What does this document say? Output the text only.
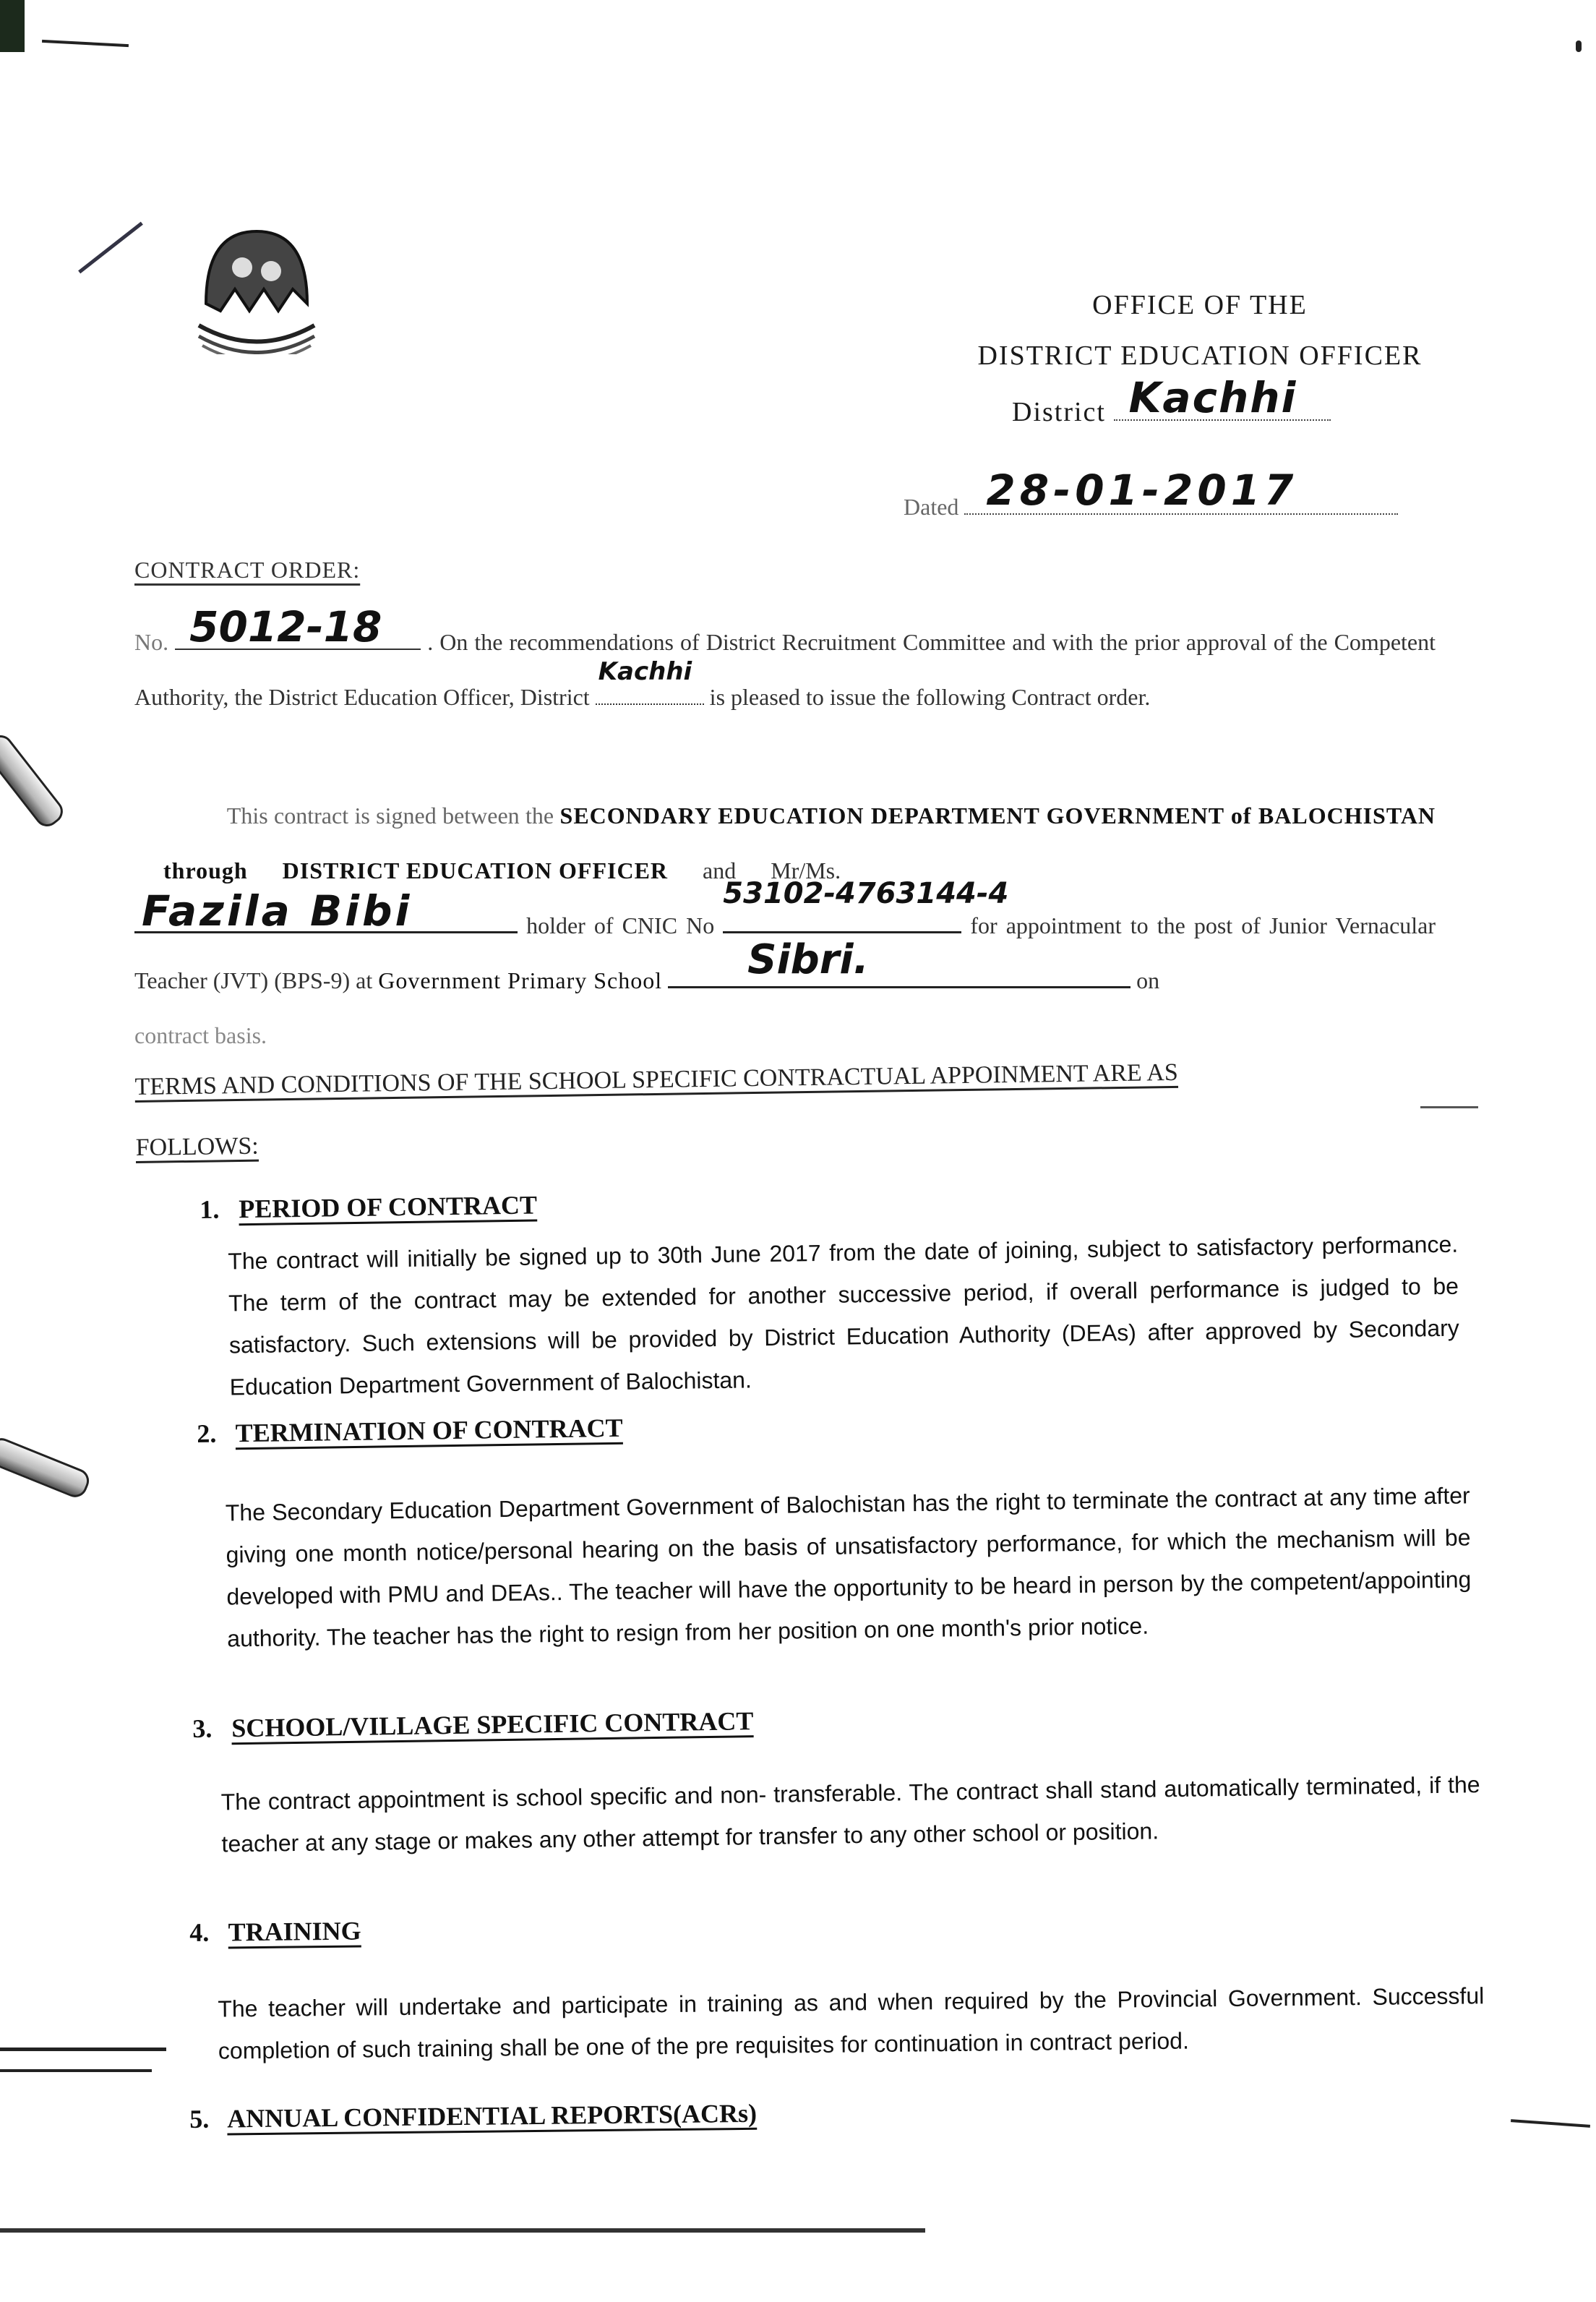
OFFICE OF THE
DISTRICT EDUCATION OFFICER
District Kachhi
Dated 28-01-2017
CONTRACT ORDER:
No. 5012-18 . On the recommendations of District Recruitment Committee and with the prior approval of the Competent Authority, the District Education Officer, District
Kachhi
is pleased to issue the following Contract order.
This contract is signed between the SECONDARY EDUCATION DEPARTMENT GOVERNMENT of BALOCHISTAN      through DISTRICT EDUCATION OFFICER and Mr/Ms.

Fazila Bibi	holder of CNIC No
53102-4763144-4
for appointment to the post of Junior Vernacular Teacher (JVT) (BPS-9) at Government Primary School Sibri.	on
contract basis.
TERMS AND CONDITIONS OF THE SCHOOL SPECIFIC CONTRACTUAL APPOINMENT ARE AS
FOLLOWS:
1. PERIOD OF CONTRACT
The contract will initially be signed up to 30th June 2017 from the date of joining, subject to satisfactory performance. The term of the contract may be extended for another successive period, if overall performance is judged to be satisfactory. Such extensions will be provided by District Education Authority (DEAs) after approved by Secondary Education Department Government of Balochistan.
2. TERMINATION OF CONTRACT
The Secondary Education Department Government of Balochistan has the right to terminate the contract at any time after giving one month notice/personal hearing on the basis of unsatisfactory performance, for which the mechanism will be developed with PMU and DEAs.. The teacher will have the opportunity to be heard in person by the competent/appointing authority. The teacher has the right to resign from her position on one month's prior notice.
3. SCHOOL/VILLAGE SPECIFIC CONTRACT
The contract appointment is school specific and non- transferable. The contract shall stand automatically terminated, if the teacher at any stage or makes any other attempt for transfer to any other school or position.
4. TRAINING
The teacher will undertake and participate in training as and when required by the Provincial Government. Successful completion of such training shall be one of the pre requisites for continuation in contract period.
5. ANNUAL CONFIDENTIAL REPORTS(ACRs)
